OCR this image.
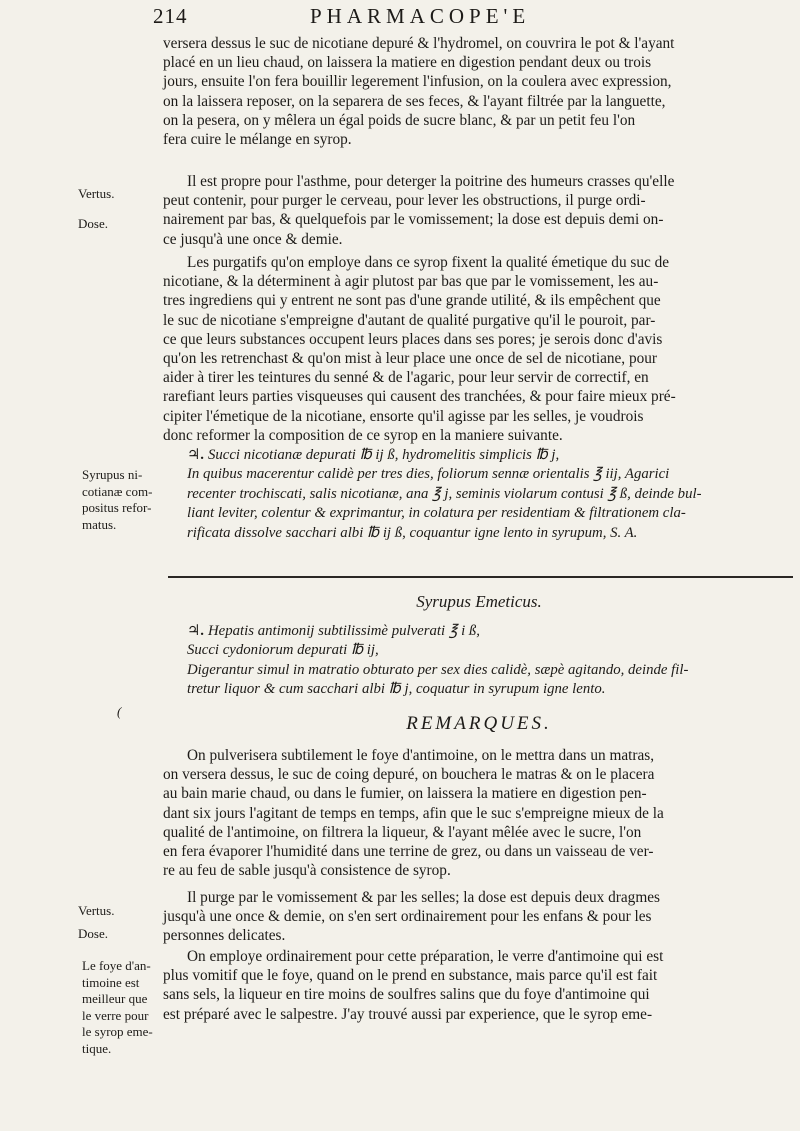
214	PHARMACOPE'E

versera dessus le suc de nicotiane depuré & l'hydromel, on couvrira le pot & l'ayant

placé en un lieu chaud, on laissera la matiere en digestion pendant deux ou trois

jours, ensuite l'on fera bouillir legerement l'infusion, on la coulera avec expression,

on la laissera reposer, on la separera de ses feces, & l'ayant filtrée par la languette,

on la pesera, on y mêlera un égal poids de sucre blanc, & par un petit feu l'on

fera cuire le mélange en syrop.

Il est propre pour l'asthme, pour deterger la poitrine des humeurs crasses qu'elle

peut contenir, pour purger le cerveau, pour lever les obstructions, il purge ordi-

nairement par bas, & quelquefois par le vomissement; la dose est depuis demi on-

ce jusqu'à une once & demie.

Les purgatifs qu'on employe dans ce syrop fixent la qualité émetique du suc de

nicotiane, & la déterminent à agir plutost par bas que par le vomissement, les au-

tres ingrediens qui y entrent ne sont pas d'une grande utilité, & ils empêchent que

le suc de nicotiane s'empreigne d'autant de qualité purgative qu'il le pouroit, par-

ce que leurs substances occupent leurs places dans ses pores; je serois donc d'avis

qu'on les retrenchast & qu'on mist à leur place une once de sel de nicotiane, pour

aider à tirer les teintures du senné & de l'agaric, pour leur servir de correctif, en

rarefiant leurs parties visqueuses qui causent des tranchées, & pour faire mieux pré-

cipiter l'émetique de la nicotiane, ensorte qu'il agisse par les selles, je voudrois

donc reformer la composition de ce syrop en la maniere suivante.

♃. Succi nicotianæ depurati ℔ ij ß, hydromelitis simplicis ℔ j,

In quibus macerentur calidè per tres dies, foliorum sennæ orientalis ℥ iij, Agarici

recenter trochiscati, salis nicotianæ, ana ℥ j, seminis violarum contusi ℥ ß, deinde bul-

liant leviter, colentur & exprimantur, in colatura per residentiam & filtrationem cla-

rificata dissolve sacchari albi ℔ ij ß, coquantur igne lento in syrupum, S. A.

Syrupus Emeticus.

♃. Hepatis antimonij subtilissimè pulverati ℥ i ß,

Succi cydoniorum depurati ℔ ij,

Digerantur simul in matratio obturato per sex dies calidè, sæpè agitando, deinde fil-

tretur liquor & cum sacchari albi ℔ j, coquatur in syrupum igne lento.

REMARQUES.

On pulverisera subtilement le foye d'antimoine, on le mettra dans un matras,

on versera dessus, le suc de coing depuré, on bouchera le matras & on le placera

au bain marie chaud, ou dans le fumier, on laissera la matiere en digestion pen-

dant six jours l'agitant de temps en temps, afin que le suc s'empreigne mieux de la

qualité de l'antimoine, on filtrera la liqueur, & l'ayant mêlée avec le sucre, l'on

en fera évaporer l'humidité dans une terrine de grez, ou dans un vaisseau de ver-

re au feu de sable jusqu'à consistence de syrop.

Il purge par le vomissement & par les selles; la dose est depuis deux dragmes

jusqu'à une once & demie, on s'en sert ordinairement pour les enfans & pour les

personnes delicates.

On employe ordinairement pour cette préparation, le verre d'antimoine qui est

plus vomitif que le foye, quand on le prend en substance, mais parce qu'il est fait

sans sels, la liqueur en tire moins de soulfres salins que du foye d'antimoine qui

est préparé avec le salpestre. J'ay trouvé aussi par experience, que le syrop eme-

Vertus.
Dose.
Syrupus ni-
cotianæ com-
positus refor-
matus.
(
Vertus.
Dose.
Le foye d'an-
timoine est
meilleur que
le verre pour
le syrop eme-
tique.
